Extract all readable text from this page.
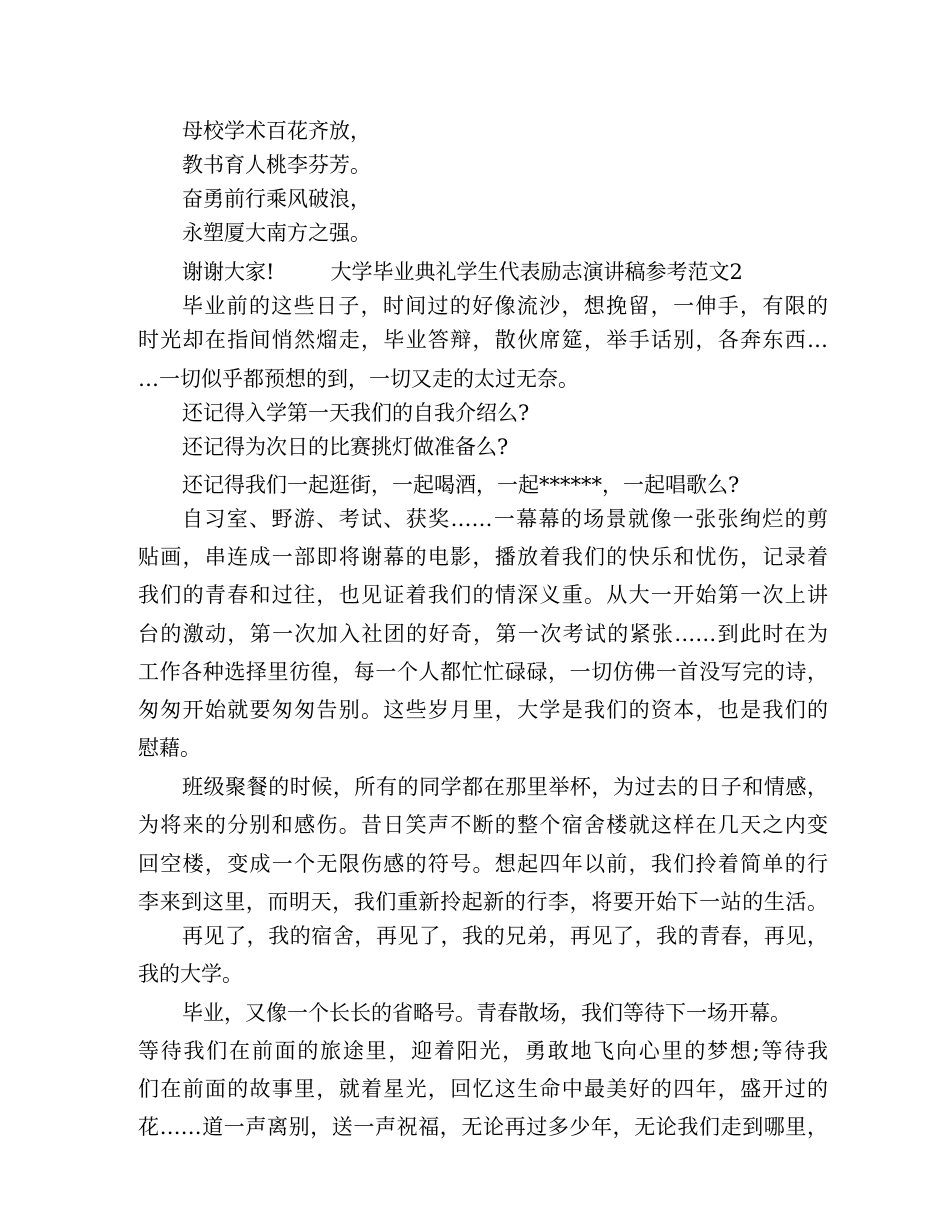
母校学术百花齐放，
教书育人桃李芬芳。
奋勇前行乘风破浪，
永塑厦大南方之强。
谢谢大家!	大学毕业典礼学生代表励志演讲稿参考范文2
毕业前的这些日子，时间过的好像流沙，想挽留，一伸手，有限的
时光却在指间悄然熘走，毕业答辩，散伙席筵，举手话别，各奔东西…
…一切似乎都预想的到，一切又走的太过无奈。
还记得入学第一天我们的自我介绍么?
还记得为次日的比赛挑灯做准备么?
还记得我们一起逛街，一起喝酒，一起******，一起唱歌么?
自习室、野游、考试、获奖……一幕幕的场景就像一张张绚烂的剪
贴画，串连成一部即将谢幕的电影，播放着我们的快乐和忧伤，记录着
我们的青春和过往，也见证着我们的情深义重。从大一开始第一次上讲
台的激动，第一次加入社团的好奇，第一次考试的紧张……到此时在为
工作各种选择里彷徨，每一个人都忙忙碌碌，一切仿佛一首没写完的诗，
匆匆开始就要匆匆告别。这些岁月里，大学是我们的资本，也是我们的
慰藉。
班级聚餐的时候，所有的同学都在那里举杯，为过去的日子和情感，
为将来的分别和感伤。昔日笑声不断的整个宿舍楼就这样在几天之内变
回空楼，变成一个无限伤感的符号。想起四年以前，我们拎着简单的行
李来到这里，而明天，我们重新拎起新的行李，将要开始下一站的生活。
再见了，我的宿舍，再见了，我的兄弟，再见了，我的青春，再见，
我的大学。
毕业，又像一个长长的省略号。青春散场，我们等待下一场开幕。
等待我们在前面的旅途里，迎着阳光，勇敢地飞向心里的梦想;等待我
们在前面的故事里，就着星光，回忆这生命中最美好的四年，盛开过的
花……道一声离别，送一声祝福，无论再过多少年，无论我们走到哪里，
